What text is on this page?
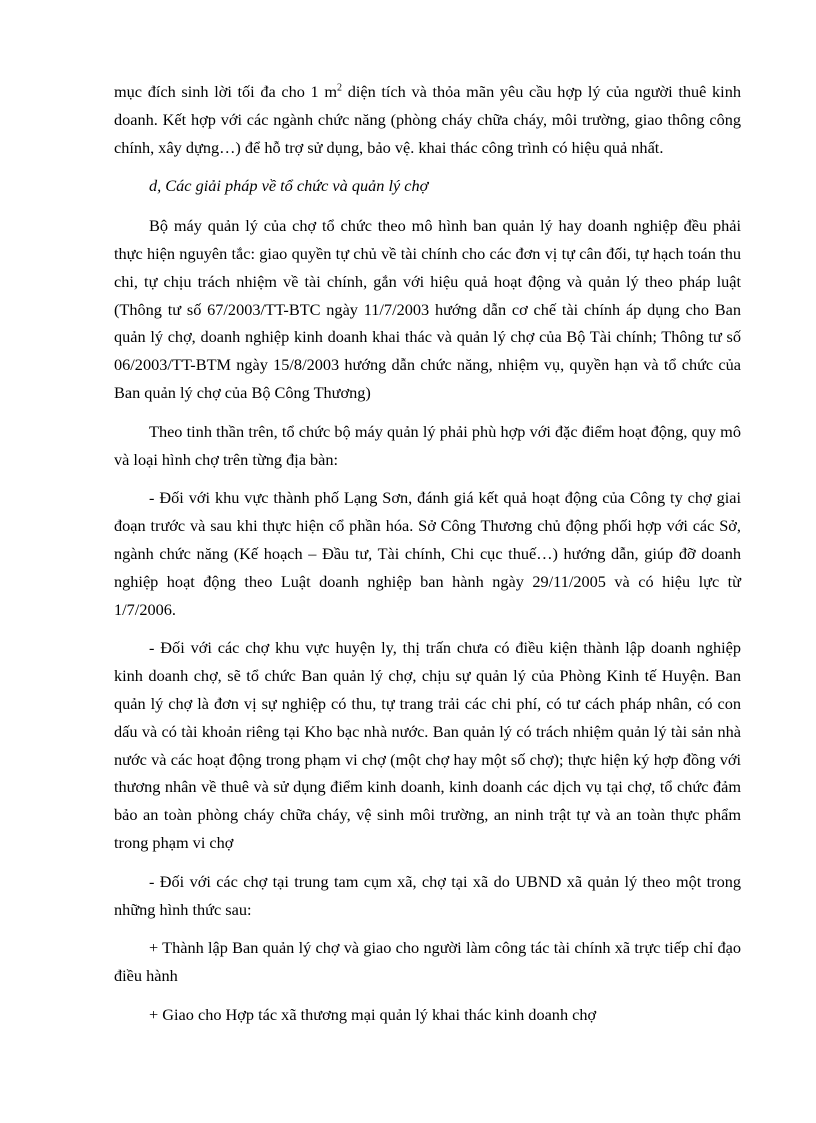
mục đích sinh lời tối đa cho 1 $m^2$ diện tích và thỏa mãn yêu cầu hợp lý của người thuê kinh doanh. Kết hợp với các ngành chức năng (phòng cháy chữa cháy, môi trường, giao thông công chính, xây dựng…) để hỗ trợ sử dụng, bảo vệ. khai thác công trình có hiệu quả nhất.

d, Các giải pháp về tổ chức và quản lý chợ

Bộ máy quản lý của chợ tổ chức theo mô hình ban quản lý hay doanh nghiệp đều phải thực hiện nguyên tắc: giao quyền tự chủ về tài chính cho các đơn vị tự cân đối, tự hạch toán thu chi, tự chịu trách nhiệm về tài chính, gắn với hiệu quả hoạt động và quản lý theo pháp luật (Thông tư số 67/2003/TT-BTC ngày 11/7/2003 hướng dẫn cơ chế tài chính áp dụng cho Ban quản lý chợ, doanh nghiệp kinh doanh khai thác và quản lý chợ của Bộ Tài chính; Thông tư số 06/2003/TT-BTM ngày 15/8/2003 hướng dẫn chức năng, nhiệm vụ, quyền hạn và tổ chức của Ban quản lý chợ của Bộ Công Thương)

Theo tinh thần trên, tổ chức bộ máy quản lý phải phù hợp với đặc điểm hoạt động, quy mô và loại hình chợ trên từng địa bàn:

- Đối với khu vực thành phố Lạng Sơn, đánh giá kết quả hoạt động của Công ty chợ giai đoạn trước và sau khi thực hiện cổ phần hóa. Sở Công Thương chủ động phối hợp với các Sở, ngành chức năng (Kế hoạch – Đầu tư, Tài chính, Chi cục thuế…) hướng dẫn, giúp đỡ doanh nghiệp hoạt động theo Luật doanh nghiệp ban hành ngày 29/11/2005 và có hiệu lực từ 1/7/2006.

- Đối với các chợ khu vực huyện ly, thị trấn chưa có điều kiện thành lập doanh nghiệp kinh doanh chợ, sẽ tổ chức Ban quản lý chợ, chịu sự quản lý của Phòng Kinh tế Huyện. Ban quản lý chợ là đơn vị sự nghiệp có thu, tự trang trải các chi phí, có tư cách pháp nhân, có con dấu và có tài khoản riêng tại Kho bạc nhà nước. Ban quản lý có trách nhiệm quản lý tài sản nhà nước và các hoạt động trong phạm vi chợ (một chợ hay một số chợ); thực hiện ký hợp đồng với thương nhân về thuê và sử dụng điểm kinh doanh, kinh doanh các dịch vụ tại chợ, tổ chức đảm bảo an toàn phòng cháy chữa cháy, vệ sinh môi trường, an ninh trật tự và an toàn thực phẩm trong phạm vi chợ

- Đối với các chợ tại trung tam cụm xã, chợ tại xã do UBND xã quản lý theo một trong những hình thức sau:

+ Thành lập Ban quản lý chợ và giao cho người làm công tác tài chính xã trực tiếp chỉ đạo điều hành

+ Giao cho Hợp tác xã thương mại quản lý khai thác kinh doanh chợ
